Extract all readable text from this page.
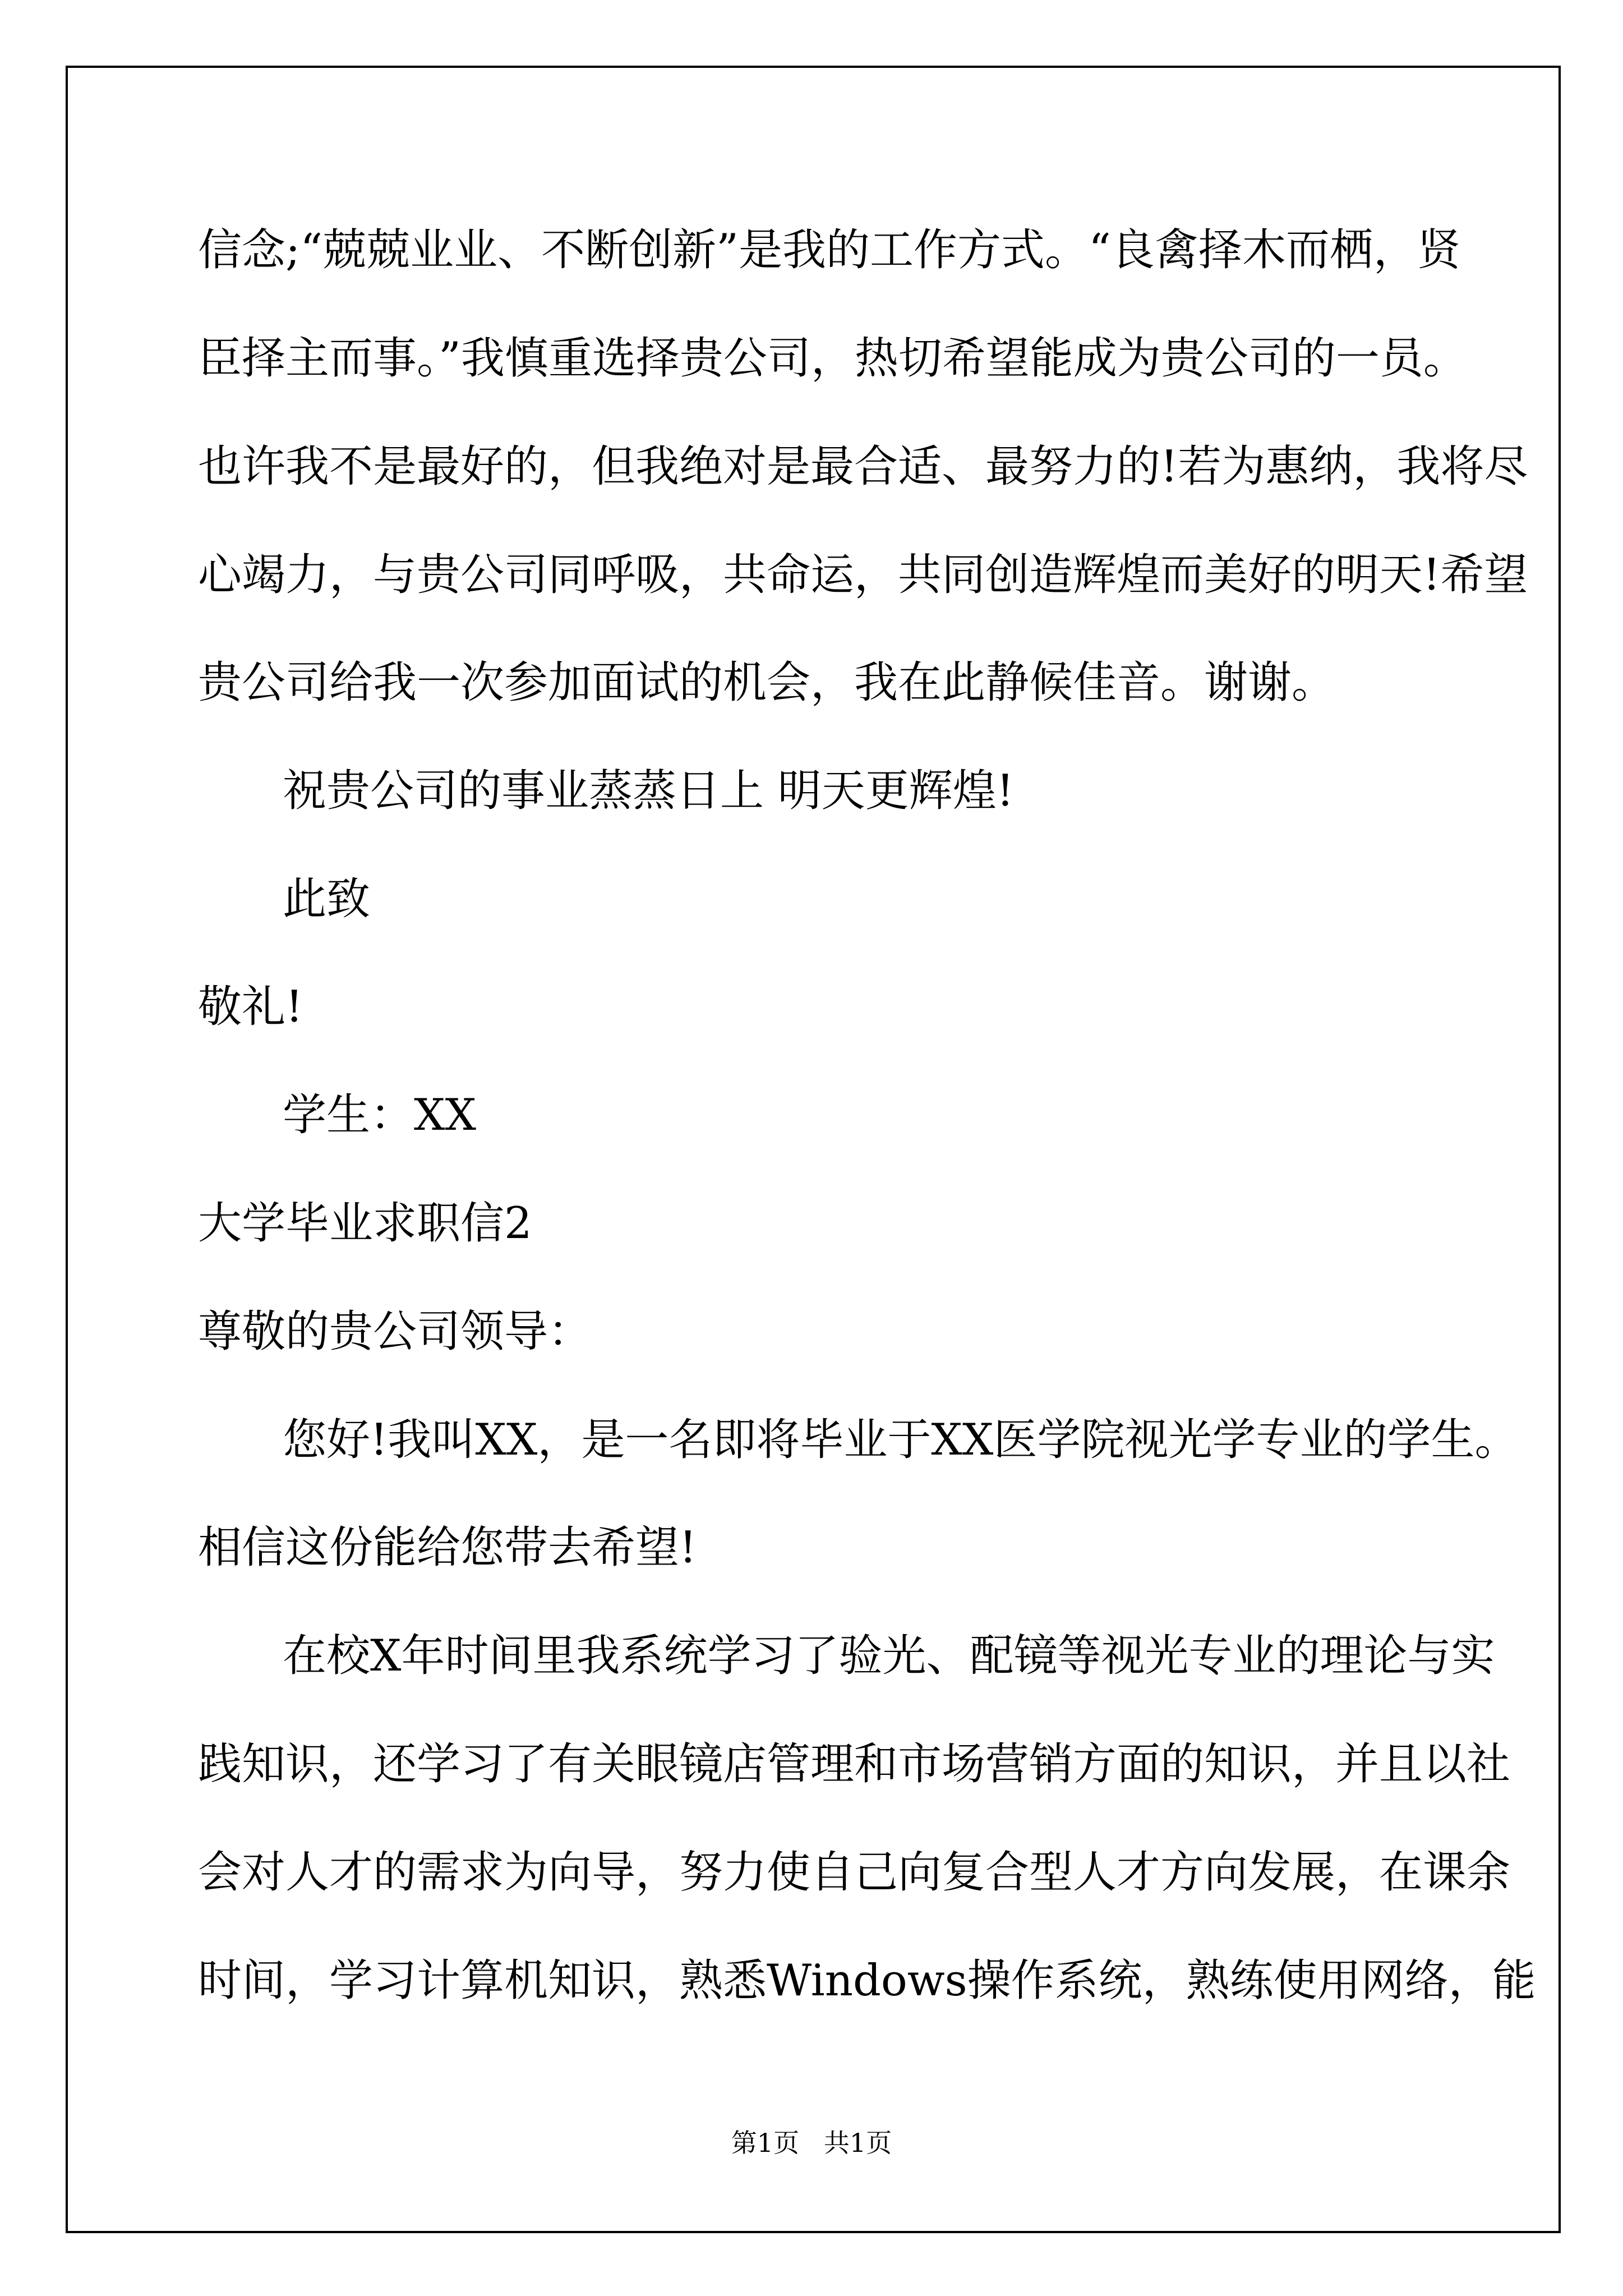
信念;“兢兢业业、不断创新”是我的工作方式。“良禽择木而栖，贤

臣择主而事。”我慎重选择贵公司，热切希望能成为贵公司的一员。

也许我不是最好的，但我绝对是最合适、最努力的!若为惠纳，我将尽

心竭力，与贵公司同呼吸，共命运，共同创造辉煌而美好的明天!希望

贵公司给我一次参加面试的机会，我在此静候佳音。谢谢。

祝贵公司的事业蒸蒸日上 明天更辉煌!

此致

敬礼!

学生：XX

大学毕业求职信2

尊敬的贵公司领导：

您好!我叫XX，是一名即将毕业于XX医学院视光学专业的学生。

相信这份能给您带去希望!

在校X年时间里我系统学习了验光、配镜等视光专业的理论与实

践知识，还学习了有关眼镜店管理和市场营销方面的知识，并且以社

会对人才的需求为向导，努力使自己向复合型人才方向发展，在课余

时间，学习计算机知识，熟悉Windows操作系统，熟练使用网络，能

第1页   共1页
